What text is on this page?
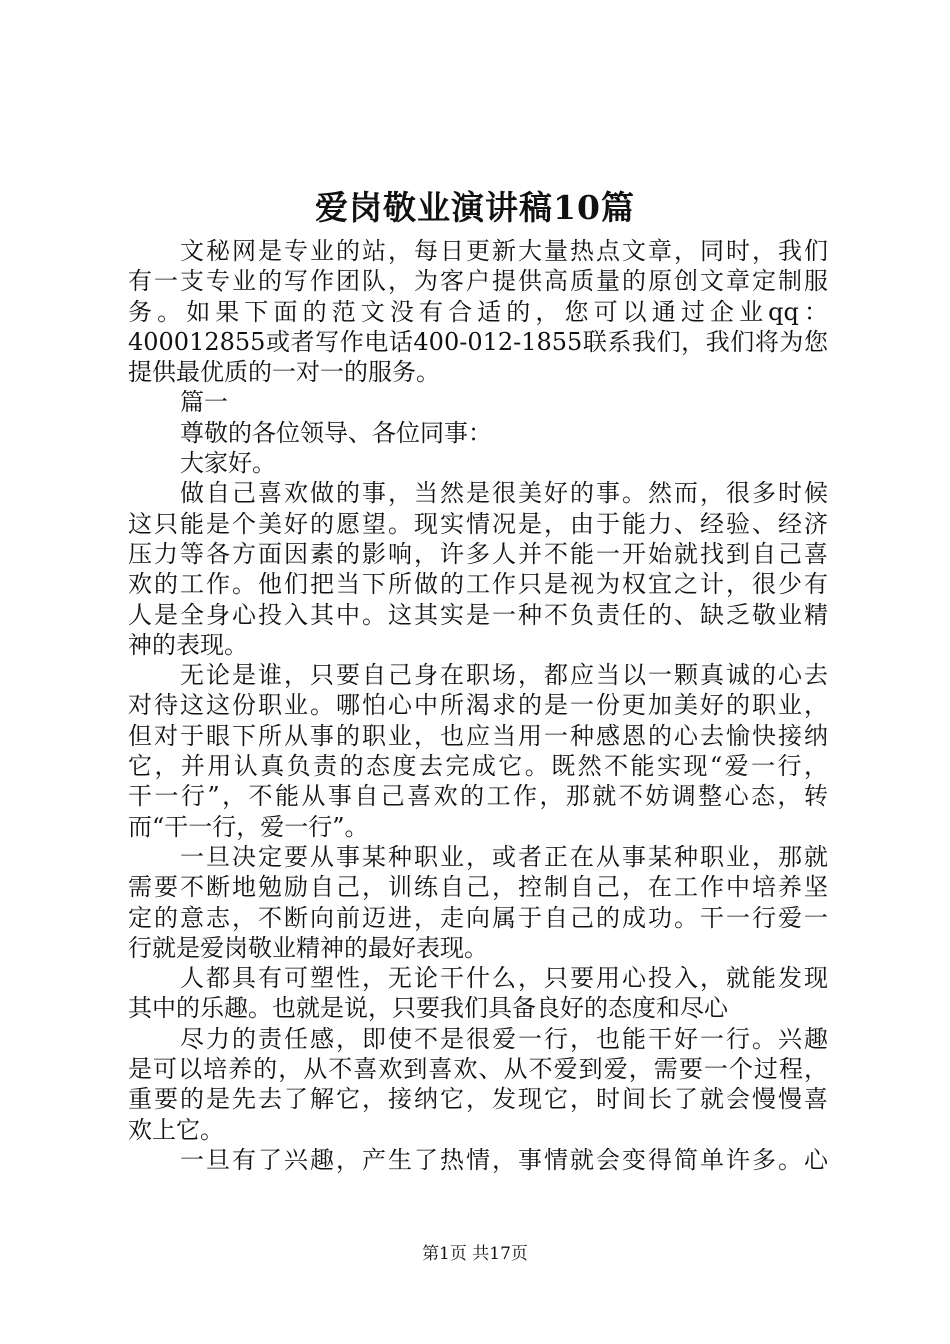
爱岗敬业演讲稿10篇
文秘网是专业的站，每日更新大量热点文章，同时，我们
有一支专业的写作团队，为客户提供高质量的原创文章定制服
务。如果下面的范文没有合适的，您可以通过企业qq：
400012855或者写作电话400-012-1855联系我们，我们将为您
提供最优质的一对一的服务。
篇一
尊敬的各位领导、各位同事：
大家好。
做自己喜欢做的事，当然是很美好的事。然而，很多时候
这只能是个美好的愿望。现实情况是，由于能力、经验、经济
压力等各方面因素的影响，许多人并不能一开始就找到自己喜
欢的工作。他们把当下所做的工作只是视为权宜之计，很少有
人是全身心投入其中。这其实是一种不负责任的、缺乏敬业精
神的表现。
无论是谁，只要自己身在职场，都应当以一颗真诚的心去
对待这这份职业。哪怕心中所渴求的是一份更加美好的职业，
但对于眼下所从事的职业，也应当用一种感恩的心去愉快接纳
它，并用认真负责的态度去完成它。既然不能实现“爱一行，
干一行”，不能从事自己喜欢的工作，那就不妨调整心态，转
而“干一行，爱一行”。
一旦决定要从事某种职业，或者正在从事某种职业，那就
需要不断地勉励自己，训练自己，控制自己，在工作中培养坚
定的意志，不断向前迈进，走向属于自己的成功。干一行爱一
行就是爱岗敬业精神的最好表现。
人都具有可塑性，无论干什么，只要用心投入，就能发现
其中的乐趣。也就是说，只要我们具备良好的态度和尽心
尽力的责任感，即使不是很爱一行，也能干好一行。兴趣
是可以培养的，从不喜欢到喜欢、从不爱到爱，需要一个过程，
重要的是先去了解它，接纳它，发现它，时间长了就会慢慢喜
欢上它。
一旦有了兴趣，产生了热情，事情就会变得简单许多。心
第1页 共17页
